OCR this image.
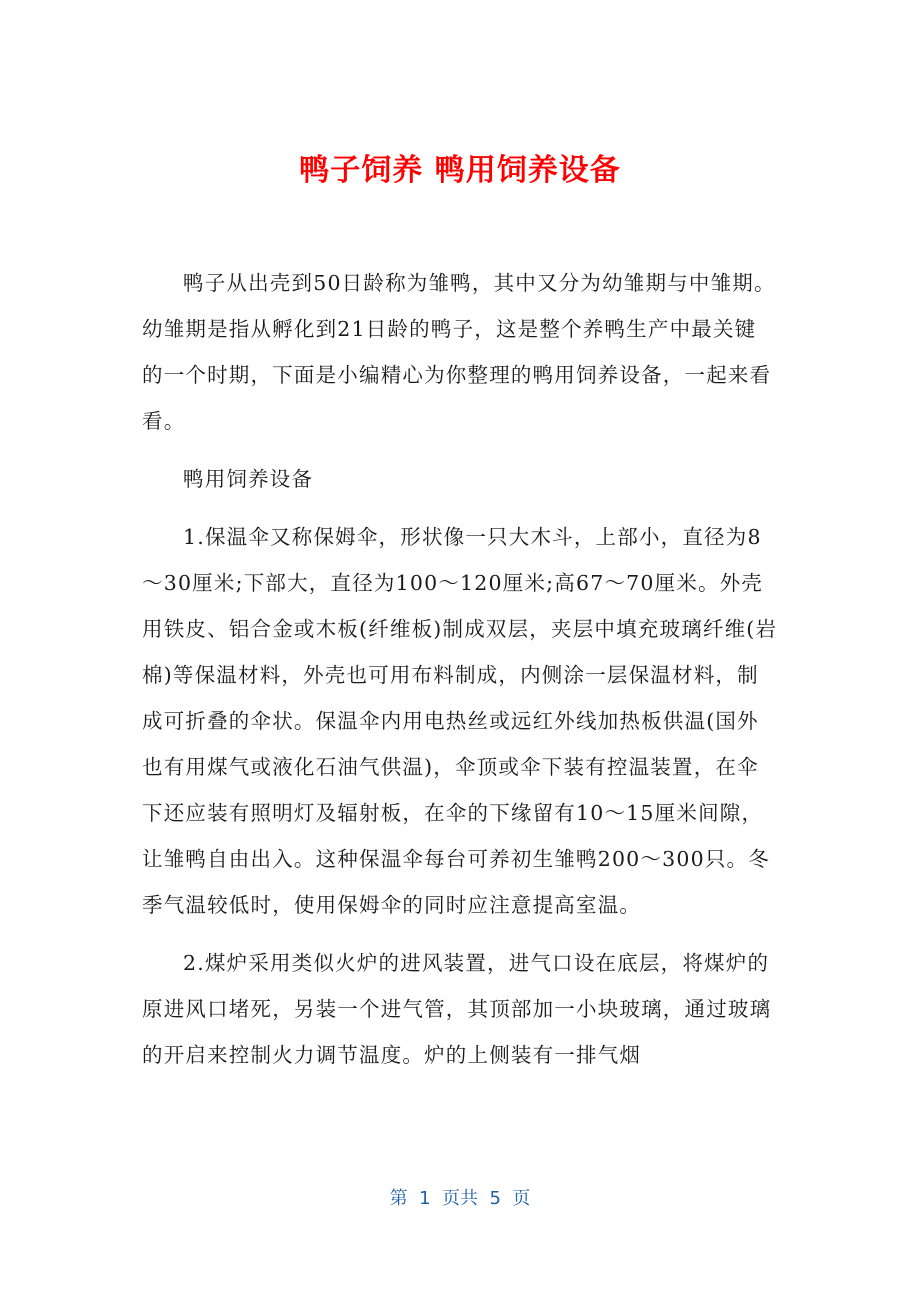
鸭子饲养 鸭用饲养设备

鸭子从出壳到50日龄称为雏鸭，其中又分为幼雏期与中雏期。幼雏期是指从孵化到21日龄的鸭子，这是整个养鸭生产中最关键的一个时期，下面是小编精心为你整理的鸭用饲养设备，一起来看看。

鸭用饲养设备

1.保温伞又称保姆伞，形状像一只大木斗，上部小，直径为8～30厘米;下部大，直径为100～120厘米;高67～70厘米。外壳用铁皮、铝合金或木板(纤维板)制成双层，夹层中填充玻璃纤维(岩棉)等保温材料，外壳也可用布料制成，内侧涂一层保温材料，制成可折叠的伞状。保温伞内用电热丝或远红外线加热板供温(国外也有用煤气或液化石油气供温)，伞顶或伞下装有控温装置，在伞下还应装有照明灯及辐射板，在伞的下缘留有10～15厘米间隙，让雏鸭自由出入。这种保温伞每台可养初生雏鸭200～300只。冬季气温较低时，使用保姆伞的同时应注意提高室温。

2.煤炉采用类似火炉的进风装置，进气口设在底层，将煤炉的原进风口堵死，另装一个进气管，其顶部加一小块玻璃，通过玻璃的开启来控制火力调节温度。炉的上侧装有一排气烟

第  1  页共  5  页
